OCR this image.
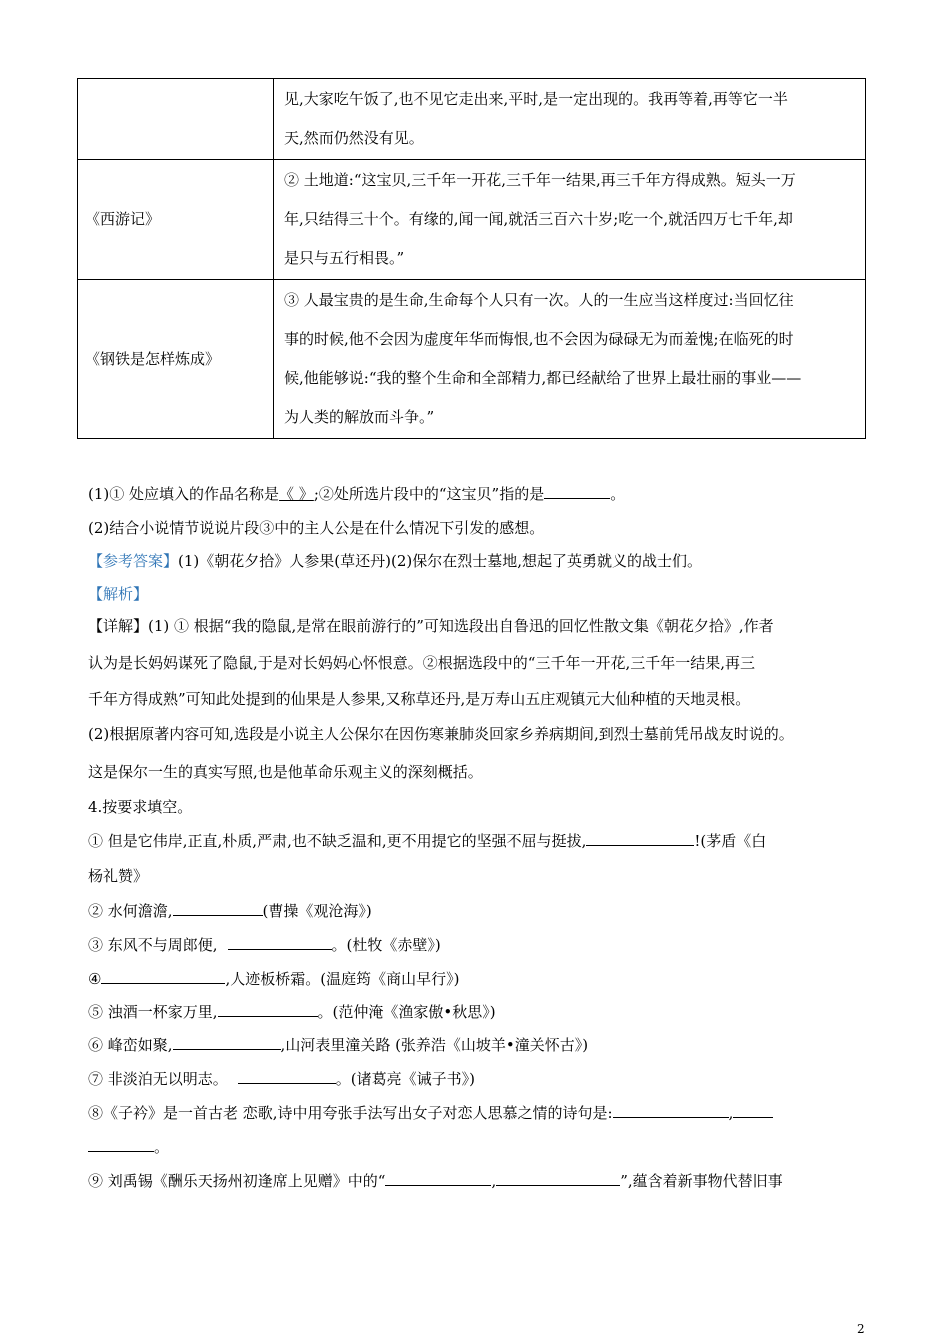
	见,大家吃午饭了,也不见它走出来,平时,是一定出现的。我再等着,再等它一半
天,然而仍然没有见。

《西游记》	② 土地道:“这宝贝,三千年一开花,三千年一结果,再三千年方得成熟。短头一万
年,只结得三十个。有缘的,闻一闻,就活三百六十岁;吃一个,就活四万七千年,却
是只与五行相畏。”

《钢铁是怎样炼成》	③ 人最宝贵的是生命,生命每个人只有一次。人的一生应当这样度过:当回忆往
事的时候,他不会因为虚度年华而悔恨,也不会因为碌碌无为而羞愧;在临死的时
候,他能够说:“我的整个生命和全部精力,都已经献给了世界上最壮丽的事业——
为人类的解放而斗争。”
(1)① 处应填入的作品名称是《 》;②处所选片段中的“这宝贝”指的是	。
(2)结合小说情节说说片段③中的主人公是在什么情况下引发的感想。
【参考答案】(1)《朝花夕拾》人参果(草还丹)(2)保尔在烈士墓地,想起了英勇就义的战士们。
【解析】
【详解】(1) ① 根据“我的隐鼠,是常在眼前游行的”可知选段出自鲁迅的回忆性散文集《朝花夕拾》,作者
认为是长妈妈谋死了隐鼠,于是对长妈妈心怀恨意。②根据选段中的“三千年一开花,三千年一结果,再三
千年方得成熟”可知此处提到的仙果是人参果,又称草还丹,是万寿山五庄观镇元大仙种植的天地灵根。
(2)根据原著内容可知,选段是小说主人公保尔在因伤寒兼肺炎回家乡养病期间,到烈士墓前凭吊战友时说的。
这是保尔一生的真实写照,也是他革命乐观主义的深刻概括。
4.按要求填空。
① 但是它伟岸,正直,朴质,严肃,也不缺乏温和,更不用提它的坚强不屈与挺拔,	!(茅盾《白
杨礼赞》
② 水何澹澹,	(曹操《观沧海》)
③ 东风不与周郎便,	。(杜牧《赤壁》)
④	,人迹板桥霜。(温庭筠《商山早行》)
⑤ 浊酒一杯家万里,	。(范仲淹《渔家傲•秋思》)
⑥ 峰峦如聚,	,山河表里潼关路 (张养浩《山坡羊•潼关怀古》)
⑦ 非淡泊无以明志。	。(诸葛亮《诫子书》)
⑧《子衿》是一首古老 恋歌,诗中用夸张手法写出女子对恋人思慕之情的诗句是:	,
。
⑨ 刘禹锡《酬乐天扬州初逢席上见赠》中的“	,	”,蕴含着新事物代替旧事
2
